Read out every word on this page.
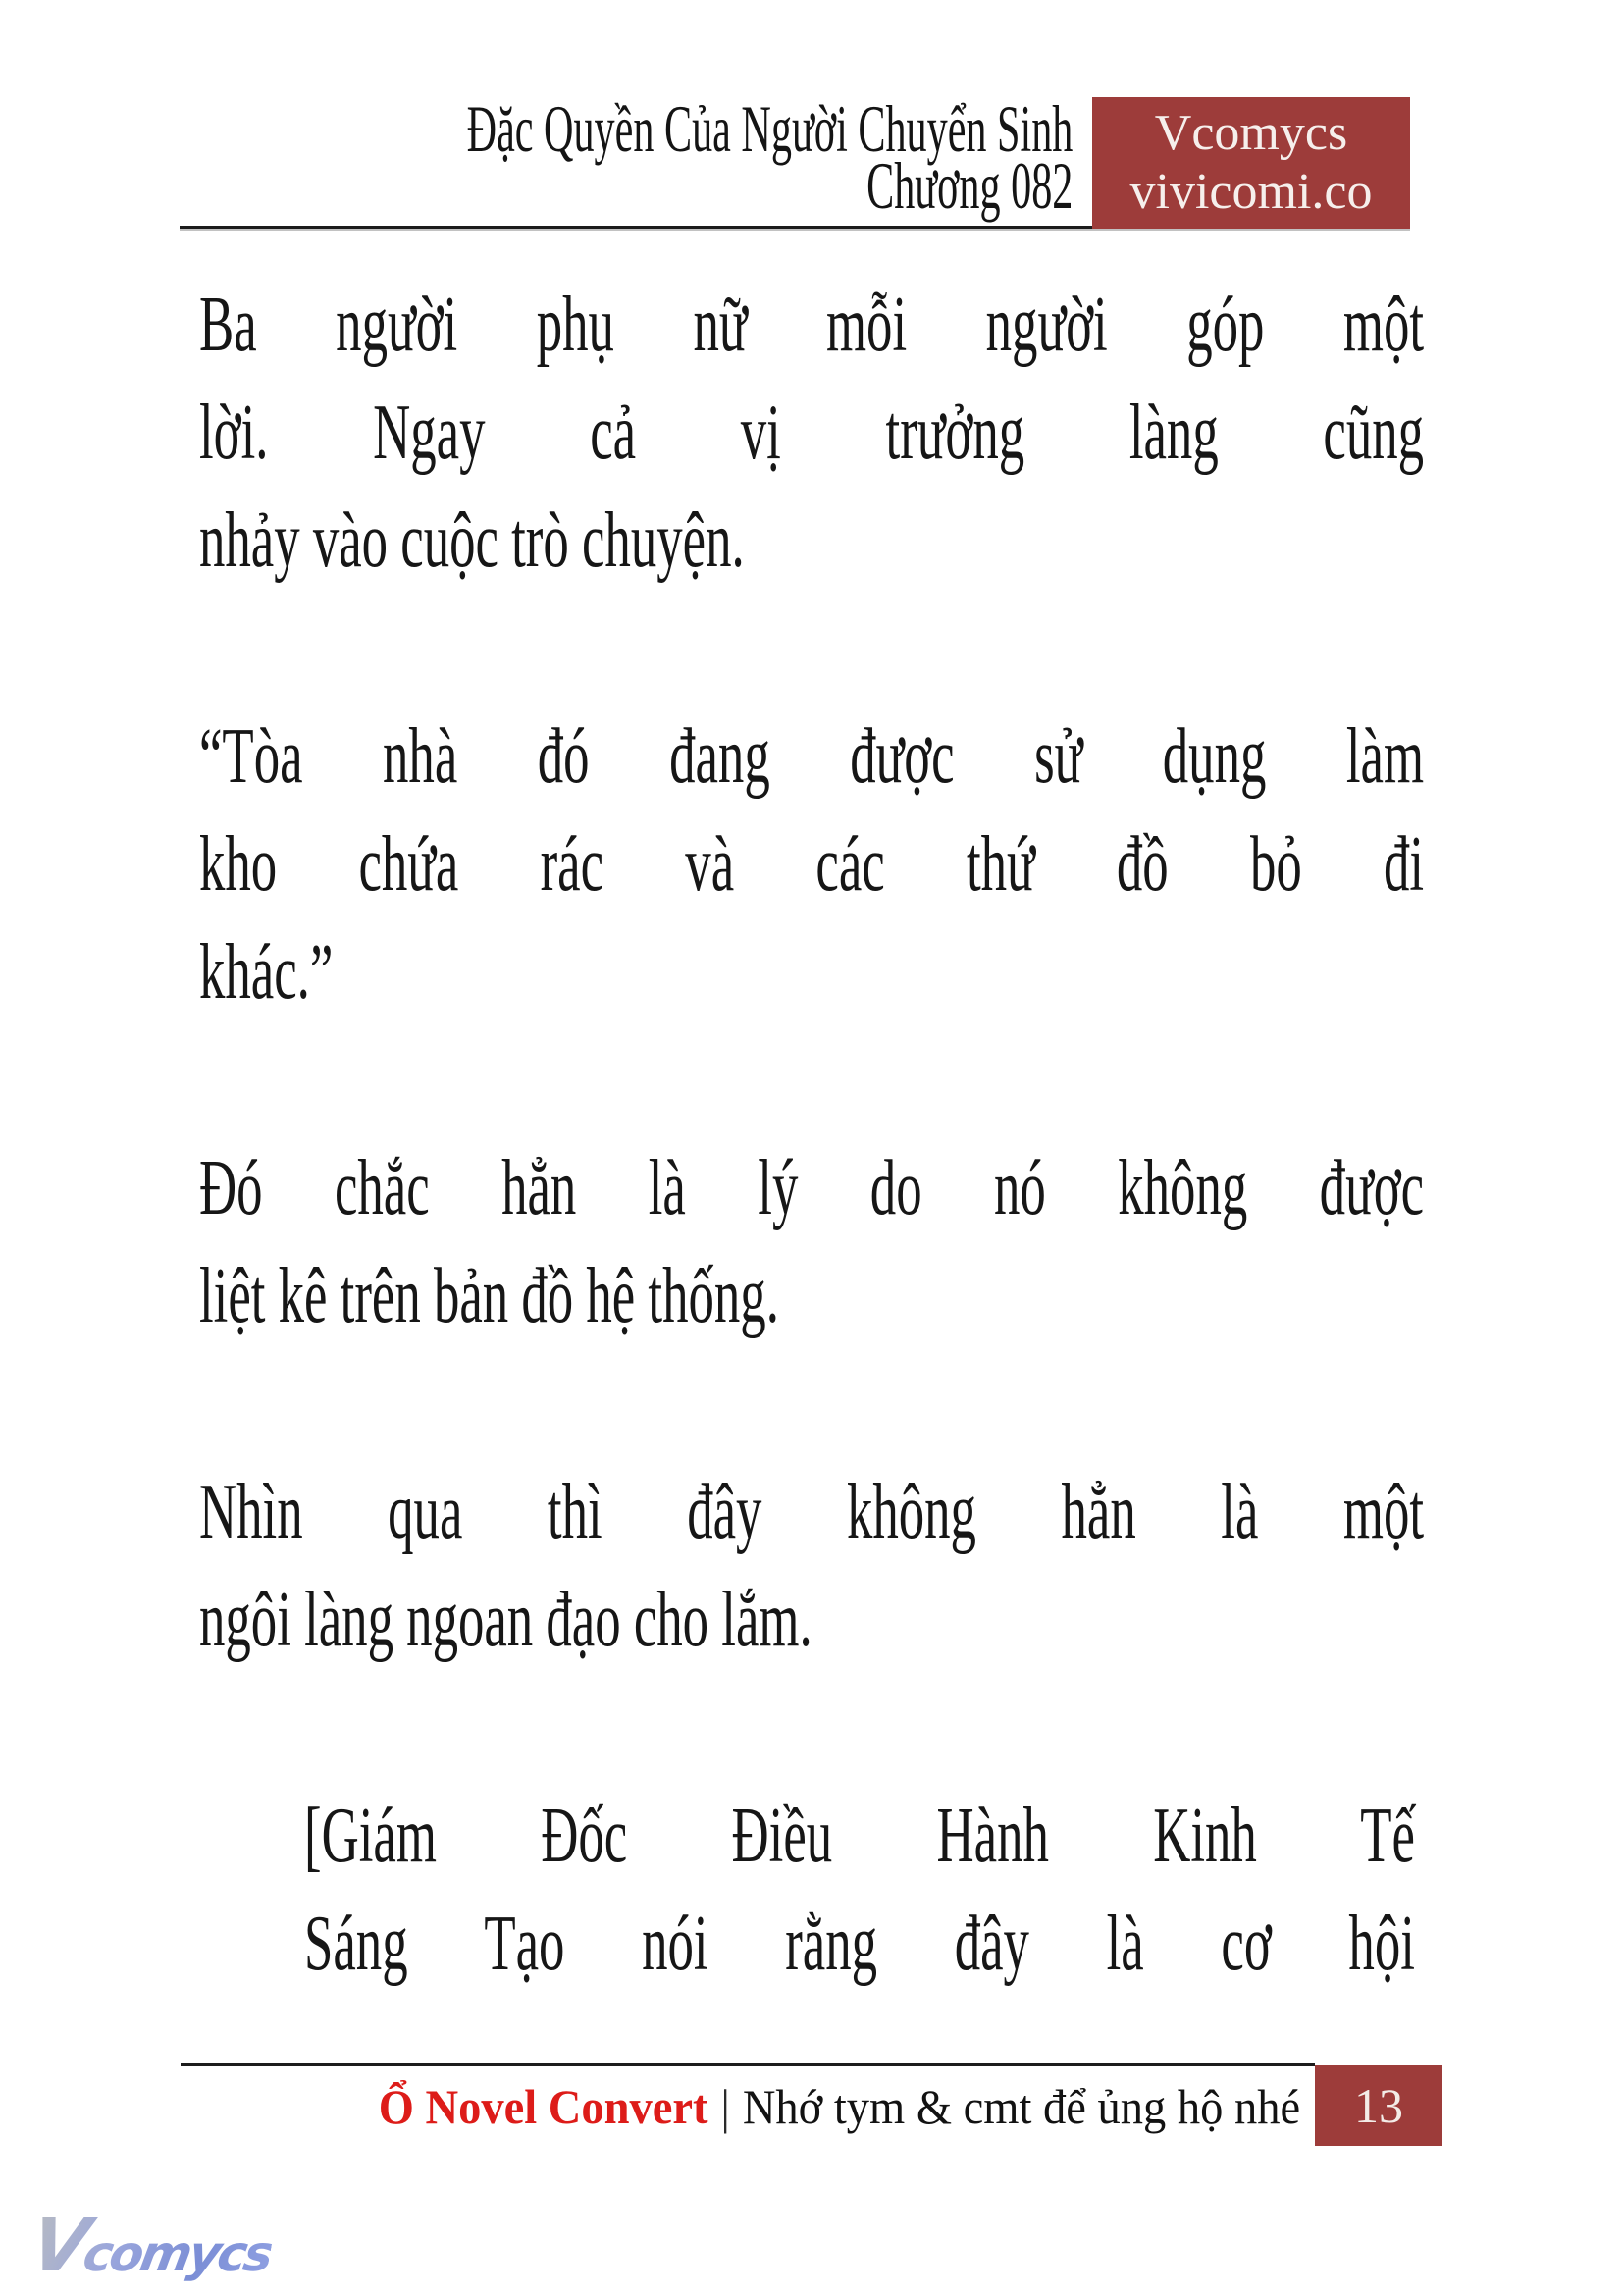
Đặc Quyền Của Người Chuyển Sinh
Chương 082
Vcomycs
vivicomi.co
Ba người phụ nữ mỗi người góp một
lời. Ngay cả vị trưởng làng cũng
nhảy vào cuộc trò chuyện.
“Tòa nhà đó đang được sử dụng làm
kho chứa rác và các thứ đồ bỏ đi
khác.”
Đó chắc hẳn là lý do nó không được
liệt kê trên bản đồ hệ thống.
Nhìn qua thì đây không hẳn là một
ngôi làng ngoan đạo cho lắm.
[Giám Đốc Điều Hành Kinh Tế
Sáng Tạo nói rằng đây là cơ hội
Ổ Novel Convert | Nhớ tym & cmt để ủng hộ nhé 13
Vcomycs
